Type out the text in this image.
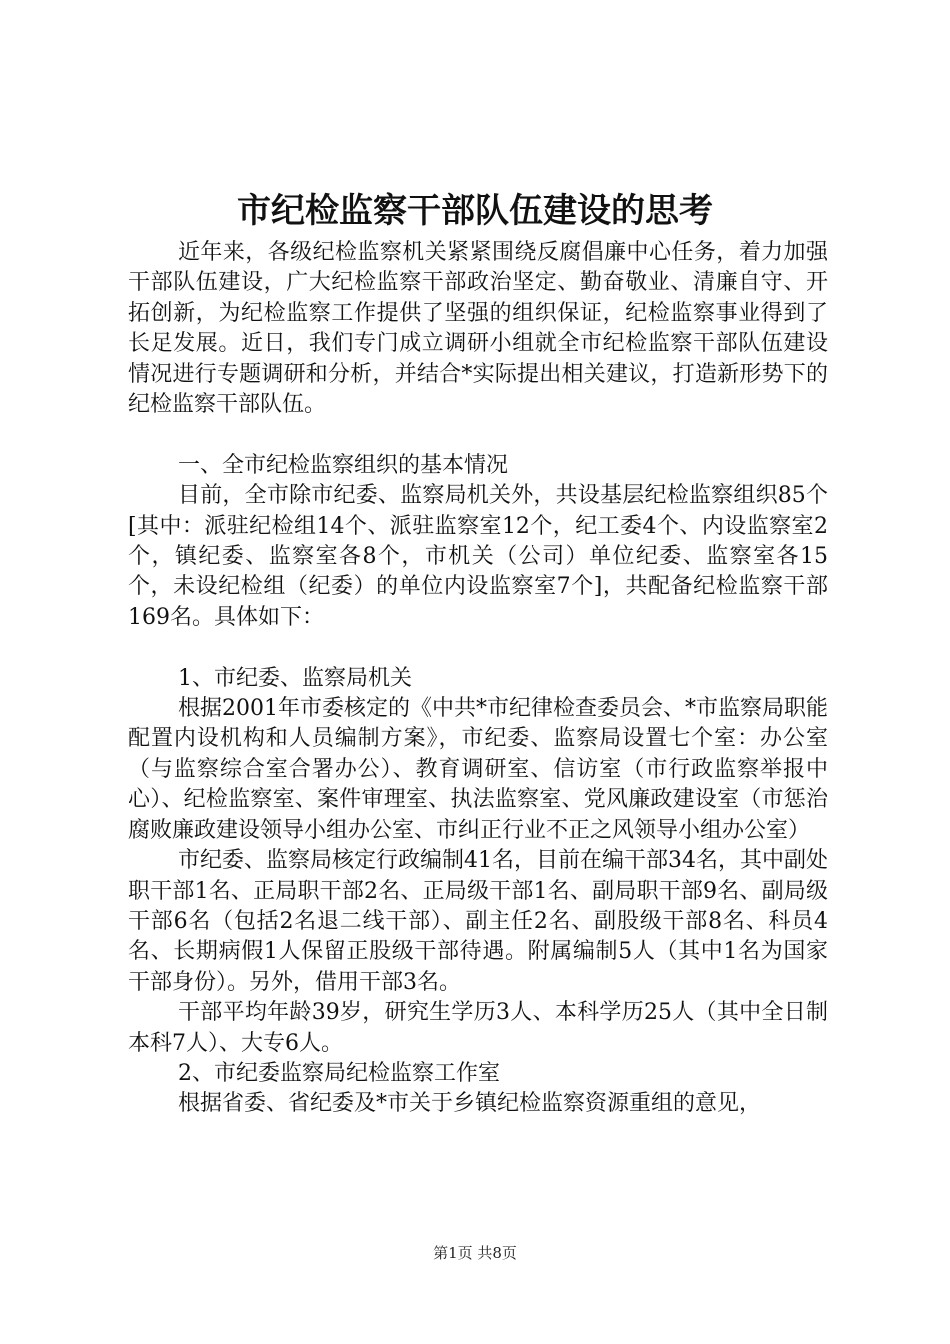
市纪检监察干部队伍建设的思考

近年来，各级纪检监察机关紧紧围绕反腐倡廉中心任务，着力加强干部队伍建设，广大纪检监察干部政治坚定、勤奋敬业、清廉自守、开拓创新，为纪检监察工作提供了坚强的组织保证，纪检监察事业得到了长足发展。近日，我们专门成立调研小组就全市纪检监察干部队伍建设情况进行专题调研和分析，并结合*实际提出相关建议，打造新形势下的纪检监察干部队伍。

一、全市纪检监察组织的基本情况

目前，全市除市纪委、监察局机关外，共设基层纪检监察组织85个[其中：派驻纪检组14个、派驻监察室12个，纪工委4个、内设监察室2个，镇纪委、监察室各8个，市机关（公司）单位纪委、监察室各15个，未设纪检组（纪委）的单位内设监察室7个]，共配备纪检监察干部169名。具体如下：

1、市纪委、监察局机关

根据2001年市委核定的《中共*市纪律检查委员会、*市监察局职能配置内设机构和人员编制方案》，市纪委、监察局设置七个室：办公室（与监察综合室合署办公）、教育调研室、信访室（市行政监察举报中心）、纪检监察室、案件审理室、执法监察室、党风廉政建设室（市惩治腐败廉政建设领导小组办公室、市纠正行业不正之风领导小组办公室）

市纪委、监察局核定行政编制41名，目前在编干部34名，其中副处职干部1名、正局职干部2名、正局级干部1名、副局职干部9名、副局级干部6名（包括2名退二线干部）、副主任2名、副股级干部8名、科员4名、长期病假1人保留正股级干部待遇。附属编制5人（其中1名为国家干部身份）。另外，借用干部3名。

干部平均年龄39岁，研究生学历3人、本科学历25人（其中全日制本科7人）、大专6人。

2、市纪委监察局纪检监察工作室

根据省委、省纪委及*市关于乡镇纪检监察资源重组的意见，

第1页 共8页
